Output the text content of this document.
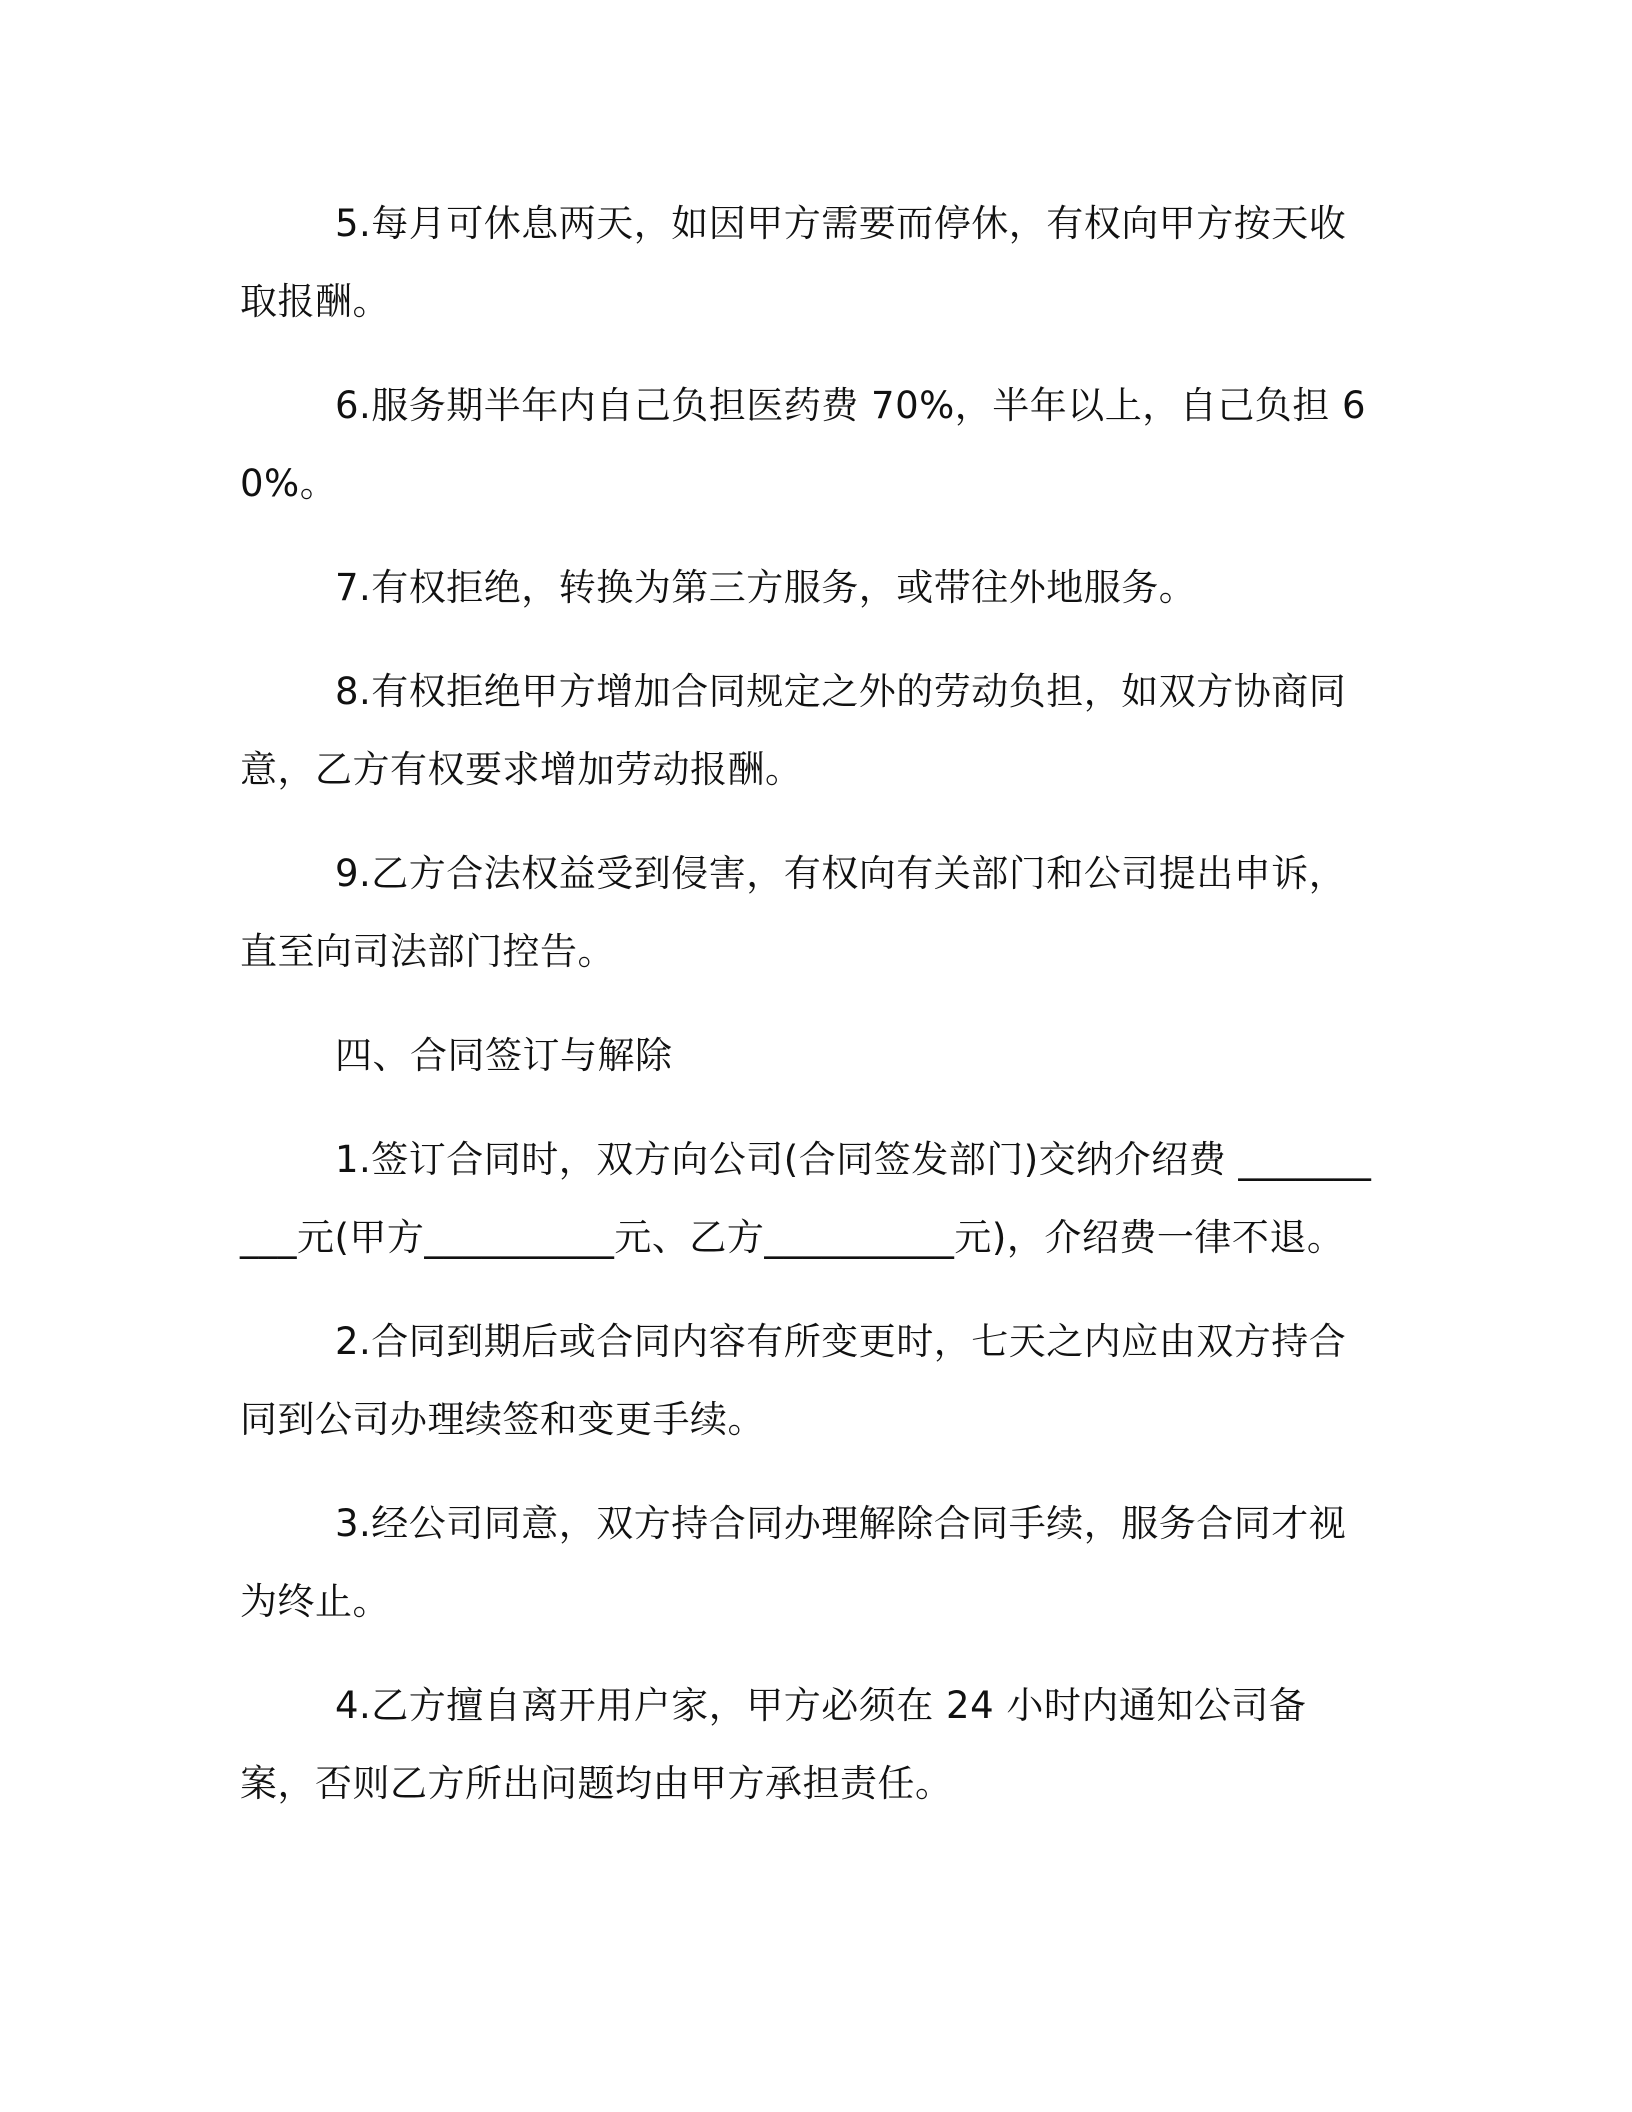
5.每月可休息两天，如因甲方需要而停休，有权向甲方按天收取报酬。

6.服务期半年内自己负担医药费 70%，半年以上，自己负担 60%。

7.有权拒绝，转换为第三方服务，或带往外地服务。

8.有权拒绝甲方增加合同规定之外的劳动负担，如双方协商同意，乙方有权要求增加劳动报酬。

9.乙方合法权益受到侵害，有权向有关部门和公司提出申诉，直至向司法部门控告。

四、合同签订与解除

1.签订合同时，双方向公司(合同签发部门)交纳介绍费 __________元(甲方__________元、乙方__________元)，介绍费一律不退。

2.合同到期后或合同内容有所变更时，七天之内应由双方持合同到公司办理续签和变更手续。

3.经公司同意，双方持合同办理解除合同手续，服务合同才视为终止。

4.乙方擅自离开用户家，甲方必须在 24 小时内通知公司备案，否则乙方所出问题均由甲方承担责任。
